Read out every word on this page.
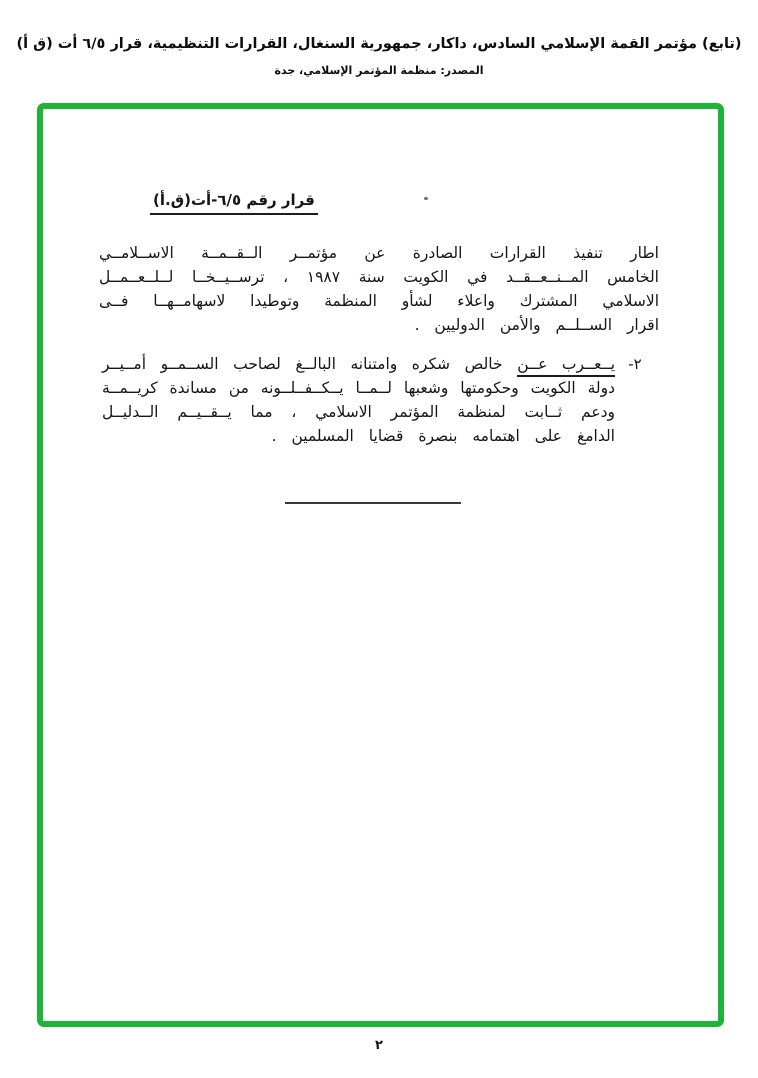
(تابع) مؤتمر القمة الإسلامي السادس، داكار، جمهورية السنغال، القرارات التنظيمية، قرار ٦/٥ أت (ق أ)
المصدر: منظمة المؤتمر الإسلامي، جدة
قرار رقم ٦/٥-أت(ق.أ)
اطار تنفيذ القرارات الصادرة عن مؤتمــر الــقــمــة الاســلامــي
الخامس المــنــعــقــد في الكويت سنة ١٩٨٧ ، ترســيــخــا لــلــعــمــل
الاسلامي المشترك واعلاء لشأو المنظمة وتوطيدا لاسهامــهــا فــى
اقرار الســلــم والأمن الدوليين .
٢-
يــعــرب عــن خالص شكره وامتنانه البالــغ لصاحب الســمــو أمــيــر
دولة الكويت وحكومتها وشعبها لــمــا يــكــفــلــونه من مساندة كريــمــة
ودعم ثــابت لمنظمة المؤتمر الاسلامي ، مما يــقــيــم الــدليــل
الدامغ على اهتمامه بنصرة قضايا المسلمين .
٢
